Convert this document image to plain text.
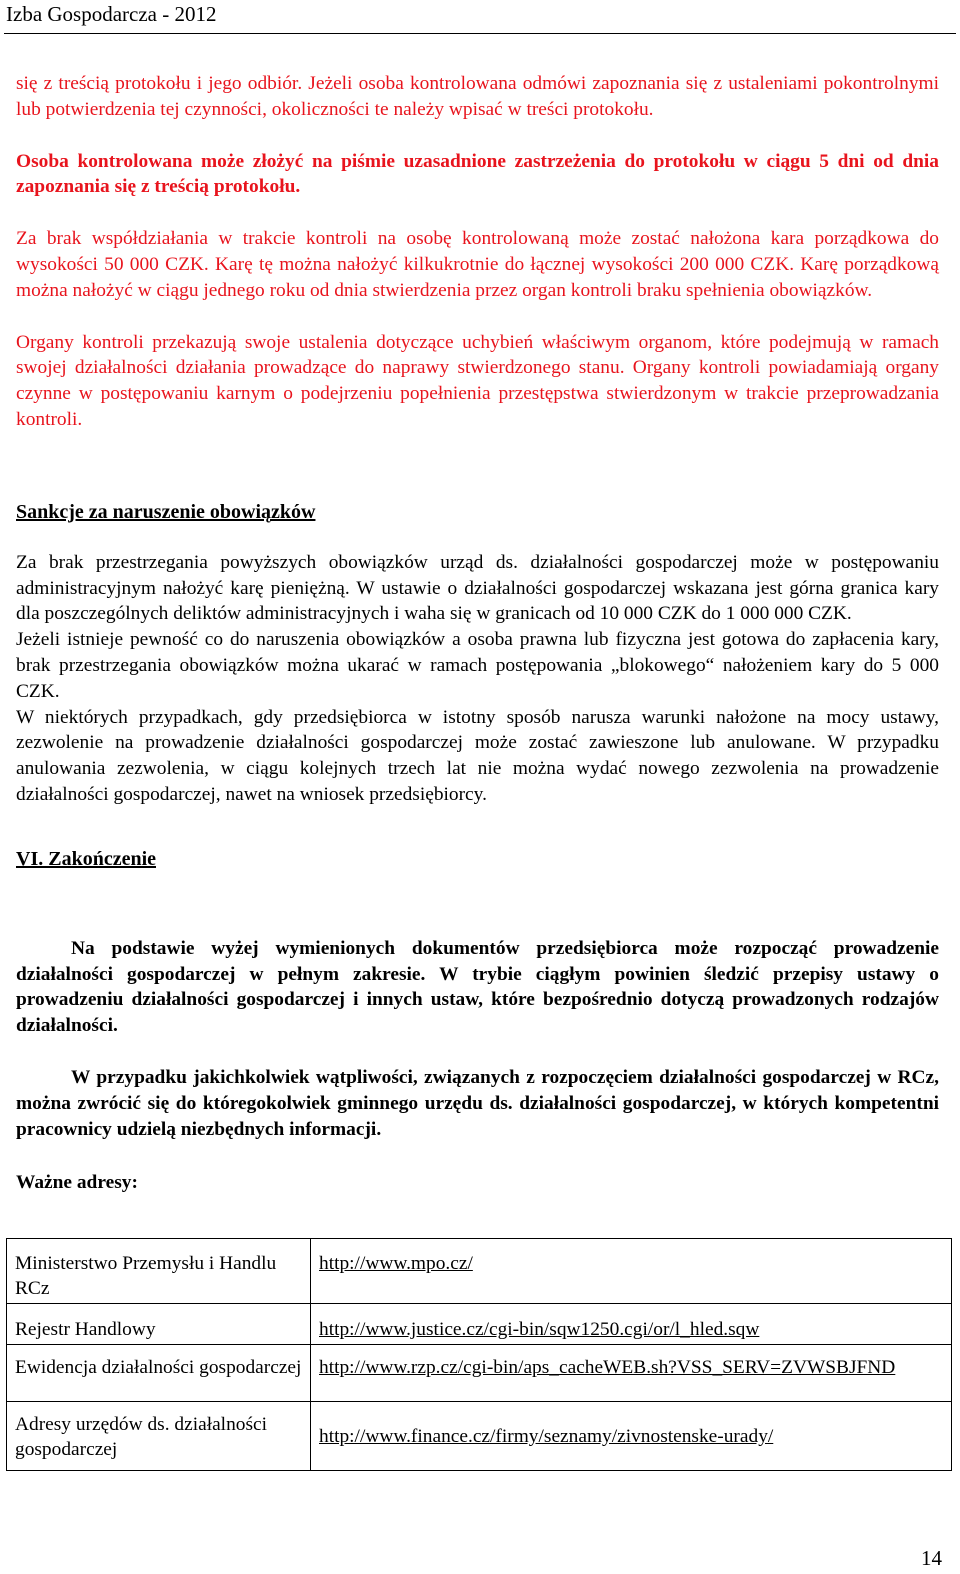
Izba Gospodarcza - 2012

się z treścią protokołu i jego odbiór. Jeżeli osoba kontrolowana odmówi zapoznania się z ustaleniami pokontrolnymi lub potwierdzenia tej czynności, okoliczności te należy wpisać w treści protokołu.

Osoba kontrolowana może złożyć na piśmie uzasadnione zastrzeżenia do protokołu w ciągu 5 dni od dnia zapoznania się z treścią protokołu.

Za brak współdziałania w trakcie kontroli na osobę kontrolowaną może zostać nałożona kara porządkowa do wysokości 50 000 CZK. Karę tę można nałożyć kilkukrotnie do łącznej wysokości 200 000 CZK. Karę porządkową można nałożyć w ciągu jednego roku od dnia stwierdzenia przez organ kontroli braku spełnienia obowiązków.

Organy kontroli przekazują swoje ustalenia dotyczące uchybień właściwym organom, które podejmują w ramach swojej działalności działania prowadzące do naprawy stwierdzonego stanu. Organy kontroli powiadamiają organy czynne w postępowaniu karnym o podejrzeniu popełnienia przestępstwa stwierdzonym w trakcie przeprowadzania kontroli.

Sankcje za naruszenie obowiązków

Za brak przestrzegania powyższych obowiązków urząd ds. działalności gospodarczej może w postępowaniu administracyjnym nałożyć karę pieniężną. W ustawie o działalności gospodarczej wskazana jest górna granica kary dla poszczególnych deliktów administracyjnych i waha się w granicach od 10 000 CZK do 1 000 000 CZK.

Jeżeli istnieje pewność co do naruszenia obowiązków a osoba prawna lub fizyczna jest gotowa do zapłacenia kary, brak przestrzegania obowiązków można ukarać w ramach postępowania „blokowego“ nałożeniem kary do 5 000 CZK.

W niektórych przypadkach, gdy przedsiębiorca w istotny sposób narusza warunki nałożone na mocy ustawy, zezwolenie na prowadzenie działalności gospodarczej może zostać zawieszone lub anulowane. W przypadku anulowania zezwolenia, w ciągu kolejnych trzech lat nie można wydać nowego zezwolenia na prowadzenie działalności gospodarczej, nawet na wniosek przedsiębiorcy.

VI. Zakończenie

Na podstawie wyżej wymienionych dokumentów przedsiębiorca może rozpocząć prowadzenie działalności gospodarczej w pełnym zakresie. W trybie ciągłym powinien śledzić przepisy ustawy o prowadzeniu działalności gospodarczej i innych ustaw, które bezpośrednio dotyczą prowadzonych rodzajów działalności.

W przypadku jakichkolwiek wątpliwości, związanych z rozpoczęciem działalności gospodarczej w RCz, można zwrócić się do któregokolwiek gminnego urzędu ds. działalności gospodarczej, w których kompetentni pracownicy udzielą niezbędnych informacji.

Ważne adresy:

Ministerstwo Przemysłu i Handlu RCz	http://www.mpo.cz/
Rejestr Handlowy	http://www.justice.cz/cgi-bin/sqw1250.cgi/or/l_hled.sqw
Ewidencja działalności gospodarczej	http://www.rzp.cz/cgi-bin/aps_cacheWEB.sh?VSS_SERV=ZVWSBJFND
Adresy urzędów ds. działalności gospodarczej	http://www.finance.cz/firmy/seznamy/zivnostenske-urady/
14
